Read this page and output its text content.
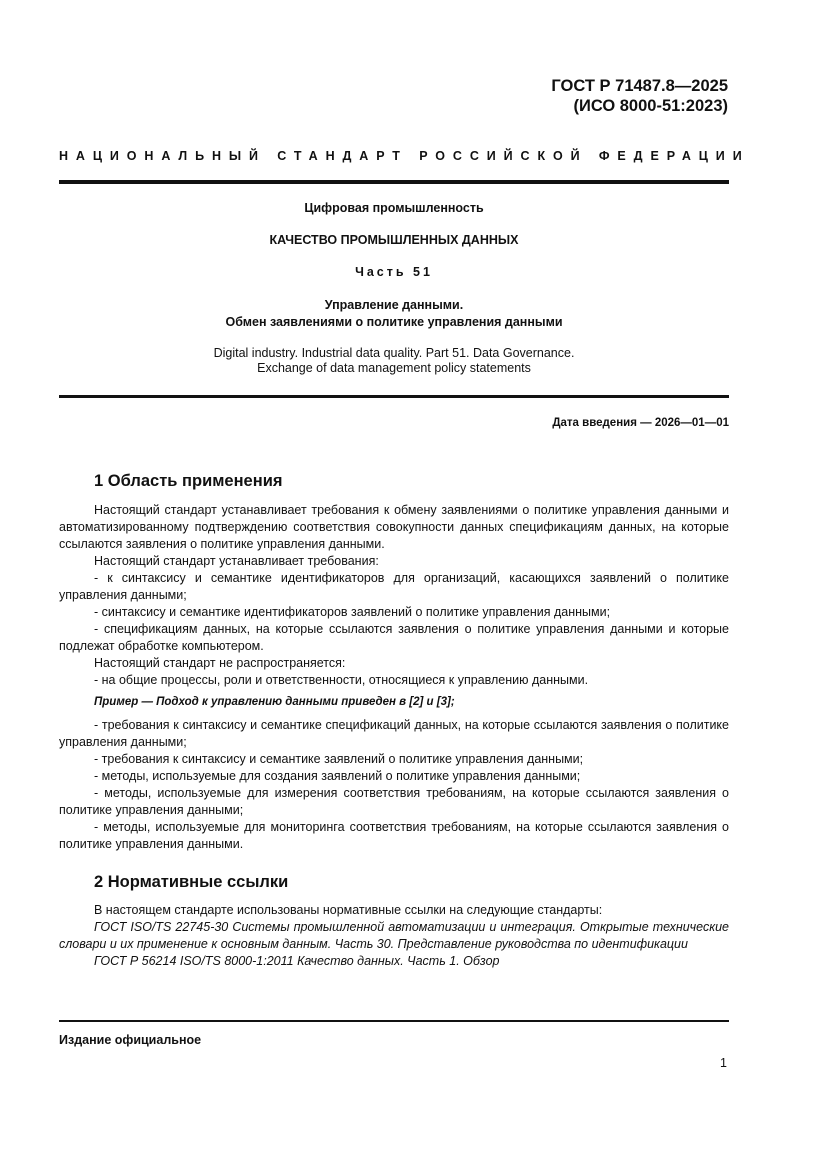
ГОСТ Р 71487.8—2025
(ИСО 8000-51:2023)
НАЦИОНАЛЬНЫЙ СТАНДАРТ РОССИЙСКОЙ ФЕДЕРАЦИИ
Цифровая промышленность
КАЧЕСТВО ПРОМЫШЛЕННЫХ ДАННЫХ
Часть 51
Управление данными.
Обмен заявлениями о политике управления данными
Digital industry. Industrial data quality. Part 51. Data Governance.
Exchange of data management policy statements
Дата введения — 2026—01—01
1 Область применения

Настоящий стандарт устанавливает требования к обмену заявлениями о политике управления данными и автоматизированному подтверждению соответствия совокупности данных спецификациям данных, на которые ссылаются заявления о политике управления данными.

Настоящий стандарт устанавливает требования:

- к синтаксису и семантике идентификаторов для организаций, касающихся заявлений о политике управления данными;

- синтаксису и семантике идентификаторов заявлений о политике управления данными;

- спецификациям данных, на которые ссылаются заявления о политике управления данными и которые подлежат обработке компьютером.

Настоящий стандарт не распространяется:

- на общие процессы, роли и ответственности, относящиеся к управлению данными.

Пример — Подход к управлению данными приведен в [2] и [3];

- требования к синтаксису и семантике спецификаций данных, на которые ссылаются заявления о политике управления данными;

- требования к синтаксису и семантике заявлений о политике управления данными;

- методы, используемые для создания заявлений о политике управления данными;

- методы, используемые для измерения соответствия требованиям, на которые ссылаются заявления о политике управления данными;

- методы, используемые для мониторинга соответствия требованиям, на которые ссылаются заявления о политике управления данными.

2 Нормативные ссылки

В настоящем стандарте использованы нормативные ссылки на следующие стандарты:

ГОСТ ISO/TS 22745-30 Системы промышленной автоматизации и интеграция. Открытые технические словари и их применение к основным данным. Часть 30. Представление руководства по идентификации

ГОСТ Р 56214 ISO/TS 8000-1:2011 Качество данных. Часть 1. Обзор

Издание официальное
1
